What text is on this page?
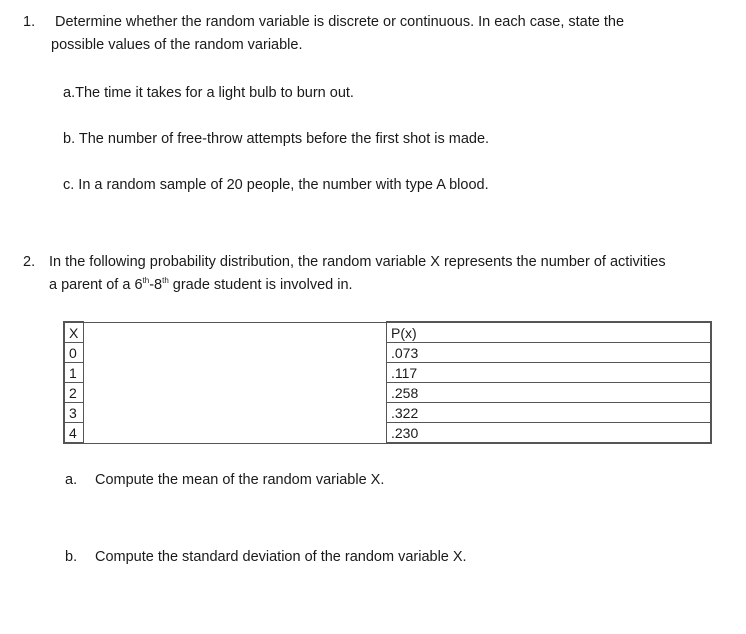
1. Determine whether the random variable is discrete or continuous. In each case, state the
possible values of the random variable.
a.The time it takes for a light bulb to burn out.
b. The number of free-throw attempts before the first shot is made.
c. In a random sample of 20 people, the number with type A blood.
2. In the following probability distribution, the random variable X represents the number of activities
a parent of a 6th-8th grade student is involved in.
X		P(x)
0		.073
1		.117
2		.258
3		.322
4		.230
a. Compute the mean of the random variable X.
b. Compute the standard deviation of the random variable X.
